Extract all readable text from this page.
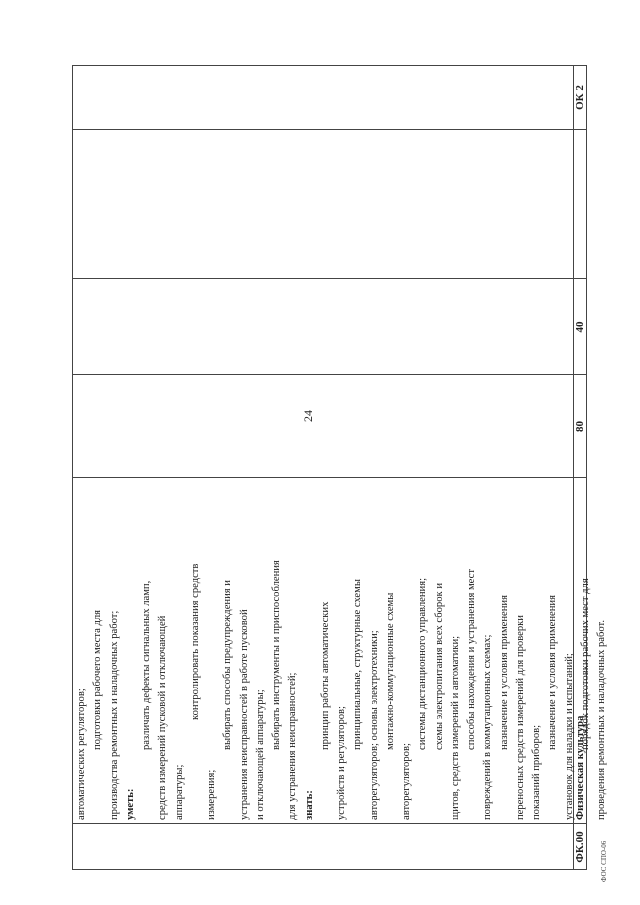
24
автоматических регуляторов;
подготовки рабочего места для производства ремонтных и наладочных работ; уметь:
различать дефекты сигнальных ламп, средств измерений пусковой и отключающей аппаратуры;
контролировать показания средств
измерения;
выбирать способы предупреждения и устранения неисправностей в работе пусковой и отключающей аппаратуры;
выбирать инструменты и приспособления для устранения неисправностей; знать:
принцип работы автоматических
устройств и регуляторов;
принципиальные, структурные схемы авторегуляторов; основы электротехники; монтажно-коммутационные схемы
авторегуляторов;
системы дистанционного управления; схемы электропитания всех сборок и щитов, средств измерений и автоматики; способы нахождения и устранения мест повреждений в коммутационных схемах; назначение и условия применения переносных средств измерений для проверки показаний приборов;
назначение и условия применения установок для наладки и испытаний; порядок подготовки рабочих мест для проведения ремонтных и наладочных работ.
ФК.00
Физическая культура
80
40
ОК 2
ФОС СПО-06
